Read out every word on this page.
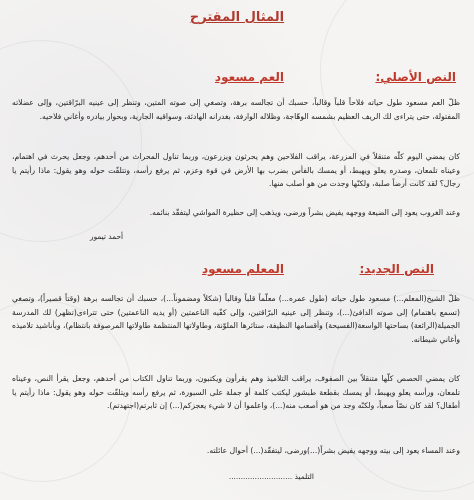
المثال المقترح
النص الأصلي:
العم مسعود
ظلّ العم مسعود طول حياته فلاحاً قلباً وقالباً، حسبك أن تجالسه برهة، وتصغي إلى صوته المتين، وتنظر إلى عينيه البرّاقتين، وإلى عضلاته المفتولة، حتى يتراءى لك الريف العظيم بشمسه الوهّاجة، وظلاله الوارفة، بغدرانه الهادئة، وسواقيه الجارية، وبحوار بيادره وأغاني فلاحيه.
كان يمضي اليوم كلّه متنقلاً في المزرعة، يراقب الفلاحين وهم يحرثون ويزرعون، وربما تناول المحراث من أحدهم، وجعل يحرث في اهتمام، وعيناه تلمعان، وصدره يعلو ويهبط، أو يمسك بالفأس بضرب بها الأرض في قوة وعزم، ثم يرفع رأسه، وتتلفّت حوله وهو يقول: ماذا رأيتم يا رجال؟ لقد كانت أرضاً صلبة، ولكنّها وجدت من هو أصلب منها.
وعند الغروب يعود إلى الضيعة ووجهه يفيض بشراً ورضى، ويذهب إلى حظيرة المواشي ليتفقّد بنائمه.
أحمد تيمور
النص الجديد:
المعلم مسعود
ظلّ الشيخ(المعلم...) مسعود طول حياته (طول عمره...) معلّماً قلباً وقالباً (شكلاً ومضموناً...)، حسبك أن تجالسه برهة (وقتاً قصيراً)، وتصغي (تسمع باهتمام) إلى صوته الدافئ(...)، وتنظر إلى عينيه البرّاقتين، وإلى كفّيه الناعمتين (أو يديه الناعمتين) حتى تتراءى(تظهر) لك المدرسة الجميلة(الرائعة) بساحتها الواسعة(الفسيحة) وأقسامها النظيفة، ستائرها الملوّنة، وطاولاتها المنتظمة طاولاتها المرصوفة بانتظام)، وبأناشيد تلاميذه وأغاني شيطانه.
كان يمضي الحصص كلّها متنقلاً بين الصفوف، يراقب التلاميذ وهم يقرأون ويكتبون، وربما تناول الكتاب من أحدهم، وجعل يقرأ النص، وعيناه تلمعان، ورأسه يعلو ويهبط، أو يمسك بقطعة طبشور ليكتب كلمة أو جملة على السبورة، ثم يرفع رأسه ويتلفّت حوله وهو يقول: ماذا رأيتم يا أطفال؟ لقد كان نصّاً صعباً، ولكنّه وجد من هو أصعب منه(...)، واعلموا أن لا شيء يعجزكم(...) إن ثابرتم(اجتهدتم).
وعند المساء يعود إلى بيته ووجهه يفيض بشراً(...)ورضى، ليتفقّد(...) أحوال عائلته.
التلميذ ...........................
